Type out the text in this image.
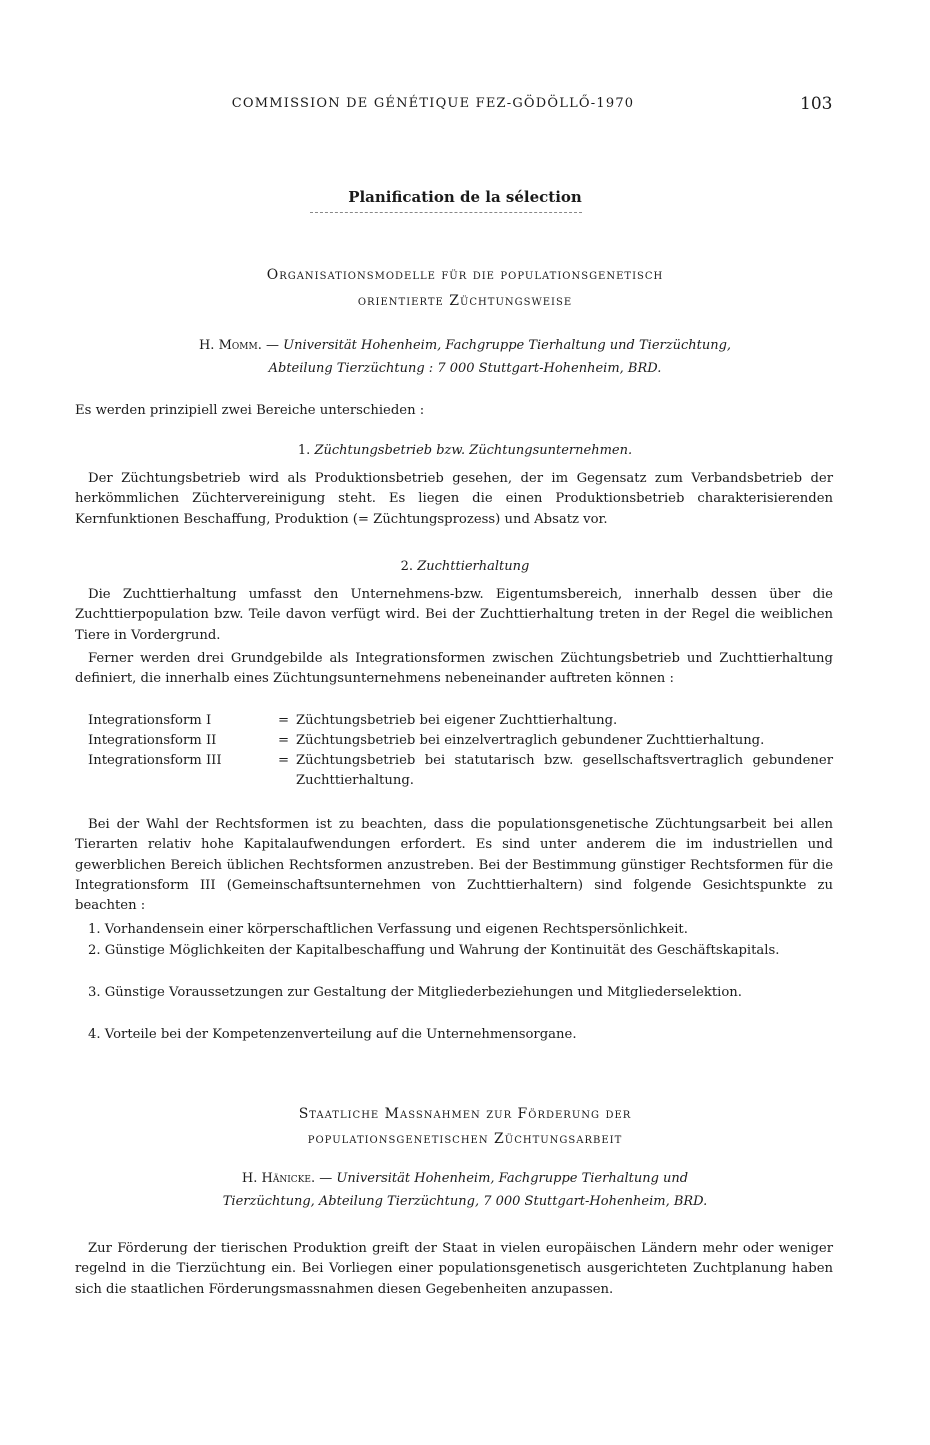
COMMISSION DE GÉNÉTIQUE FEZ-GÖDÖLLŐ-1970	103
Planification de la sélection
Organisationsmodelle für die populationsgenetisch
orientierte Züchtungsweise
H. Momm. — Universität Hohenheim, Fachgruppe Tierhaltung und Tierzüchtung,
Abteilung Tierzüchtung : 7 000 Stuttgart-Hohenheim, BRD.
Es werden prinzipiell zwei Bereiche unterschieden :
1. Züchtungsbetrieb bzw. Züchtungsunternehmen.
Der Züchtungsbetrieb wird als Produktionsbetrieb gesehen, der im Gegensatz zum Verbandsbetrieb der herkömmlichen Züchtervereinigung steht. Es liegen die einen Produktionsbetrieb charakterisierenden Kernfunktionen Beschaffung, Produktion (= Züchtungsprozess) und Absatz vor.
2. Zuchttierhaltung
Die Zuchttierhaltung umfasst den Unternehmens-bzw. Eigentumsbereich, innerhalb dessen über die Zuchttierpopulation bzw. Teile davon verfügt wird. Bei der Zuchttierhaltung treten in der Regel die weiblichen Tiere in Vordergrund.
Ferner werden drei Grundgebilde als Integrationsformen zwischen Züchtungsbetrieb und Zuchttierhaltung definiert, die innerhalb eines Züchtungsunternehmens nebeneinander auftreten können :
Integrationsform I	= Züchtungsbetrieb bei eigener Zuchttierhaltung.
Integrationsform II	= Züchtungsbetrieb bei einzelvertraglich gebundener Zuchttierhaltung.
Integrationsform III	= Züchtungsbetrieb bei statutarisch bzw. gesellschaftsvertraglich gebundener Zuchttierhaltung.
Bei der Wahl der Rechtsformen ist zu beachten, dass die populationsgenetische Züchtungsarbeit bei allen Tierarten relativ hohe Kapitalaufwendungen erfordert. Es sind unter anderem die im industriellen und gewerblichen Bereich üblichen Rechtsformen anzustreben. Bei der Bestimmung günstiger Rechtsformen für die Integrationsform III (Gemeinschaftsunternehmen von Zuchttierhaltern) sind folgende Gesichtspunkte zu beachten :
1. Vorhandensein einer körperschaftlichen Verfassung und eigenen Rechtspersönlichkeit.
2. Günstige Möglichkeiten der Kapitalbeschaffung und Wahrung der Kontinuität des Geschäftskapitals.
3. Günstige Voraussetzungen zur Gestaltung der Mitgliederbeziehungen und Mitgliederselektion.
4. Vorteile bei der Kompetenzenverteilung auf die Unternehmensorgane.
Staatliche Massnahmen zur Förderung der
populationsgenetischen Züchtungsarbeit
H. Hänicke. — Universität Hohenheim, Fachgruppe Tierhaltung und
Tierzüchtung, Abteilung Tierzüchtung, 7 000 Stuttgart-Hohenheim, BRD.
Zur Förderung der tierischen Produktion greift der Staat in vielen europäischen Ländern mehr oder weniger regelnd in die Tierzüchtung ein. Bei Vorliegen einer populationsgenetisch ausgerichteten Zuchtplanung haben sich die staatlichen Förderungsmassnahmen diesen Gegebenheiten anzupassen.
